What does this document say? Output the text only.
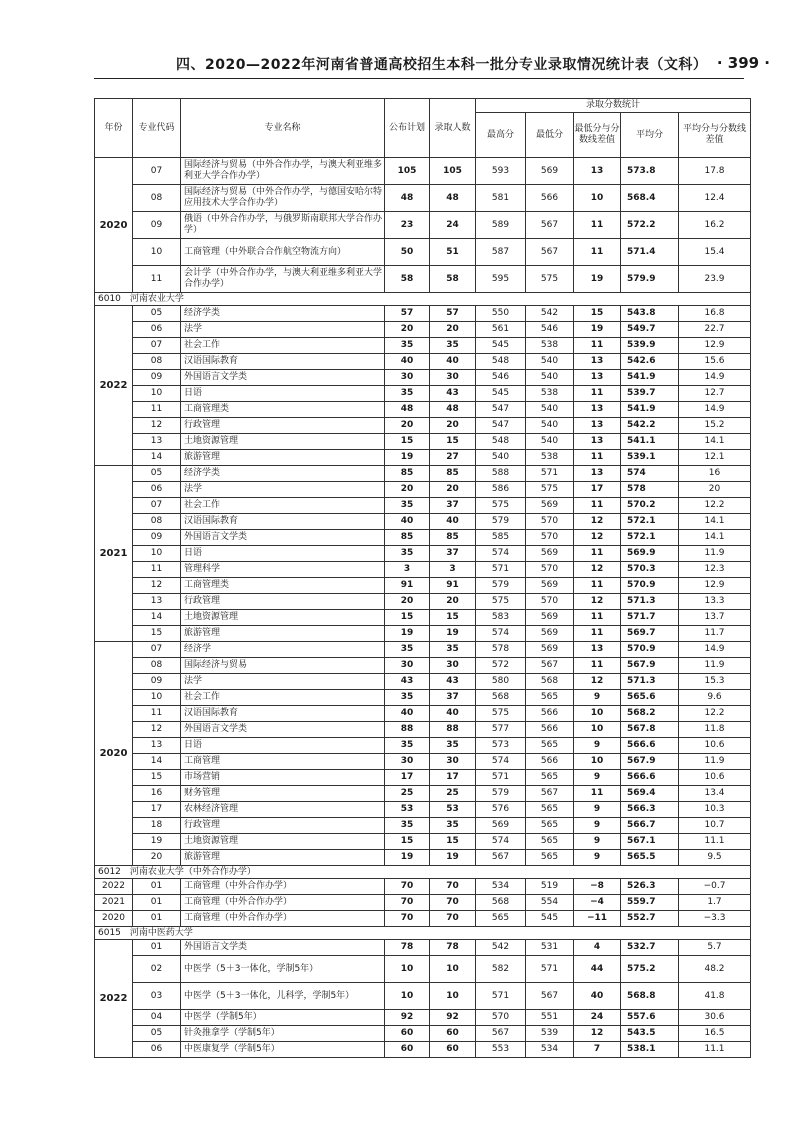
四、2020—2022年河南省普通高校招生本科一批分专业录取情况统计表（文科） · 399 ·
年份	专业代码	专业名称	公布计划	录取人数	录取分数统计				
					最高分	最低分	最低分与分数线差值	平均分	平均分与分数线差值
2020	07	国际经济与贸易（中外合作办学，与澳大利亚维多利亚大学合作办学）	105	105	593	569	13	573.8	17.8
	08	国际经济与贸易（中外合作办学，与德国安哈尔特应用技术大学合作办学）	48	48	581	566	10	568.4	12.4
	09	俄语（中外合作办学，与俄罗斯南联邦大学合作办学）	23	24	589	567	11	572.2	16.2
	10	工商管理（中外联合合作航空物流方向）	50	51	587	567	11	571.4	15.4
	11	会计学（中外合作办学，与澳大利亚维多利亚大学合作办学）	58	58	595	575	19	579.9	23.9
6010　河南农业大学									
2022	05	经济学类	57	57	550	542	15	543.8	16.8
	06	法学	20	20	561	546	19	549.7	22.7
	07	社会工作	35	35	545	538	11	539.9	12.9
	08	汉语国际教育	40	40	548	540	13	542.6	15.6
	09	外国语言文学类	30	30	546	540	13	541.9	14.9
	10	日语	35	43	545	538	11	539.7	12.7
	11	工商管理类	48	48	547	540	13	541.9	14.9
	12	行政管理	20	20	547	540	13	542.2	15.2
	13	土地资源管理	15	15	548	540	13	541.1	14.1
	14	旅游管理	19	27	540	538	11	539.1	12.1
2021	05	经济学类	85	85	588	571	13	574	16
	06	法学	20	20	586	575	17	578	20
	07	社会工作	35	37	575	569	11	570.2	12.2
	08	汉语国际教育	40	40	579	570	12	572.1	14.1
	09	外国语言文学类	85	85	585	570	12	572.1	14.1
	10	日语	35	37	574	569	11	569.9	11.9
	11	管理科学	3	3	571	570	12	570.3	12.3
	12	工商管理类	91	91	579	569	11	570.9	12.9
	13	行政管理	20	20	575	570	12	571.3	13.3
	14	土地资源管理	15	15	583	569	11	571.7	13.7
	15	旅游管理	19	19	574	569	11	569.7	11.7
2020	07	经济学	35	35	578	569	13	570.9	14.9
	08	国际经济与贸易	30	30	572	567	11	567.9	11.9
	09	法学	43	43	580	568	12	571.3	15.3
	10	社会工作	35	37	568	565	9	565.6	9.6
	11	汉语国际教育	40	40	575	566	10	568.2	12.2
	12	外国语言文学类	88	88	577	566	10	567.8	11.8
	13	日语	35	35	573	565	9	566.6	10.6
	14	工商管理	30	30	574	566	10	567.9	11.9
	15	市场营销	17	17	571	565	9	566.6	10.6
	16	财务管理	25	25	579	567	11	569.4	13.4
	17	农林经济管理	53	53	576	565	9	566.3	10.3
	18	行政管理	35	35	569	565	9	566.7	10.7
	19	土地资源管理	15	15	574	565	9	567.1	11.1
	20	旅游管理	19	19	567	565	9	565.5	9.5
6012　河南农业大学（中外合作办学）									
2022	01	工商管理（中外合作办学）	70	70	534	519	−8	526.3	−0.7
2021	01	工商管理（中外合作办学）	70	70	568	554	−4	559.7	1.7
2020	01	工商管理（中外合作办学）	70	70	565	545	−11	552.7	−3.3
6015　河南中医药大学									
2022	01	外国语言文学类	78	78	542	531	4	532.7	5.7
	02	中医学（5＋3一体化，学制5年）	10	10	582	571	44	575.2	48.2
	03	中医学（5＋3一体化，儿科学，学制5年）	10	10	571	567	40	568.8	41.8
	04	中医学（学制5年）	92	92	570	551	24	557.6	30.6
	05	针灸推拿学（学制5年）	60	60	567	539	12	543.5	16.5
	06	中医康复学（学制5年）	60	60	553	534	7	538.1	11.1
